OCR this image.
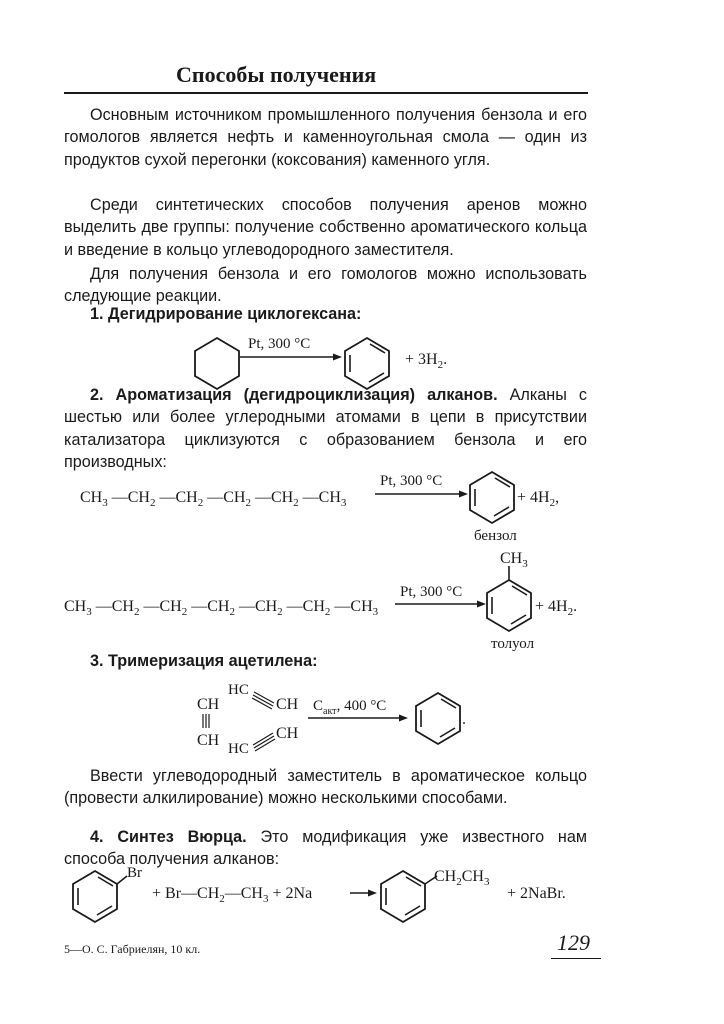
Способы получения

Основным источником промышленного получения бензола и его гомологов является нефть и каменноугольная смола — один из продуктов сухой перегонки (коксования) каменного угля.

Среди синтетических способов получения аренов можно выделить две группы: получение собственно ароматического кольца и введение в кольцо углеводородного заместителя.

Для получения бензола и его гомологов можно использовать следующие реакции.

1. Дегидрирование циклогексана:

2. Ароматизация (дегидроциклизация) алканов. Алканы с шестью или более углеродными атомами в цепи в присутствии катализатора циклизуются с образованием бензола и его производных:

3. Тримеризация ацетилена:

Ввести углеводородный заместитель в ароматическое кольцо (провести алкилирование) можно несколькими способами.

4. Синтез Вюрца. Это модификация уже известного нам способа получения алканов:

Pt, 300 °C
+ $3H_2$.
$CH_3$ $—CH_2$ $—CH_2$ $—CH_2$ $—CH_2$ $—CH_3$
Pt, 300 °C
+ $4H_2$,
бензол
$CH_3$ $—CH_2$ $—CH_2$ $—CH_2$ $—CH_2$ $—CH_2$ $—CH_3$
Pt, 300 °C
$CH_3$
+ $4H_2$.
толуол
CH
HC
CH
CH HC
CH
$C_{акт}$, 400 °C
.
Br
+ $Br—CH_2—CH_3 + 2Na$
$CH_2CH_3$
+ 2NaBr.
5—О. С. Габриелян, 10 кл.	129
